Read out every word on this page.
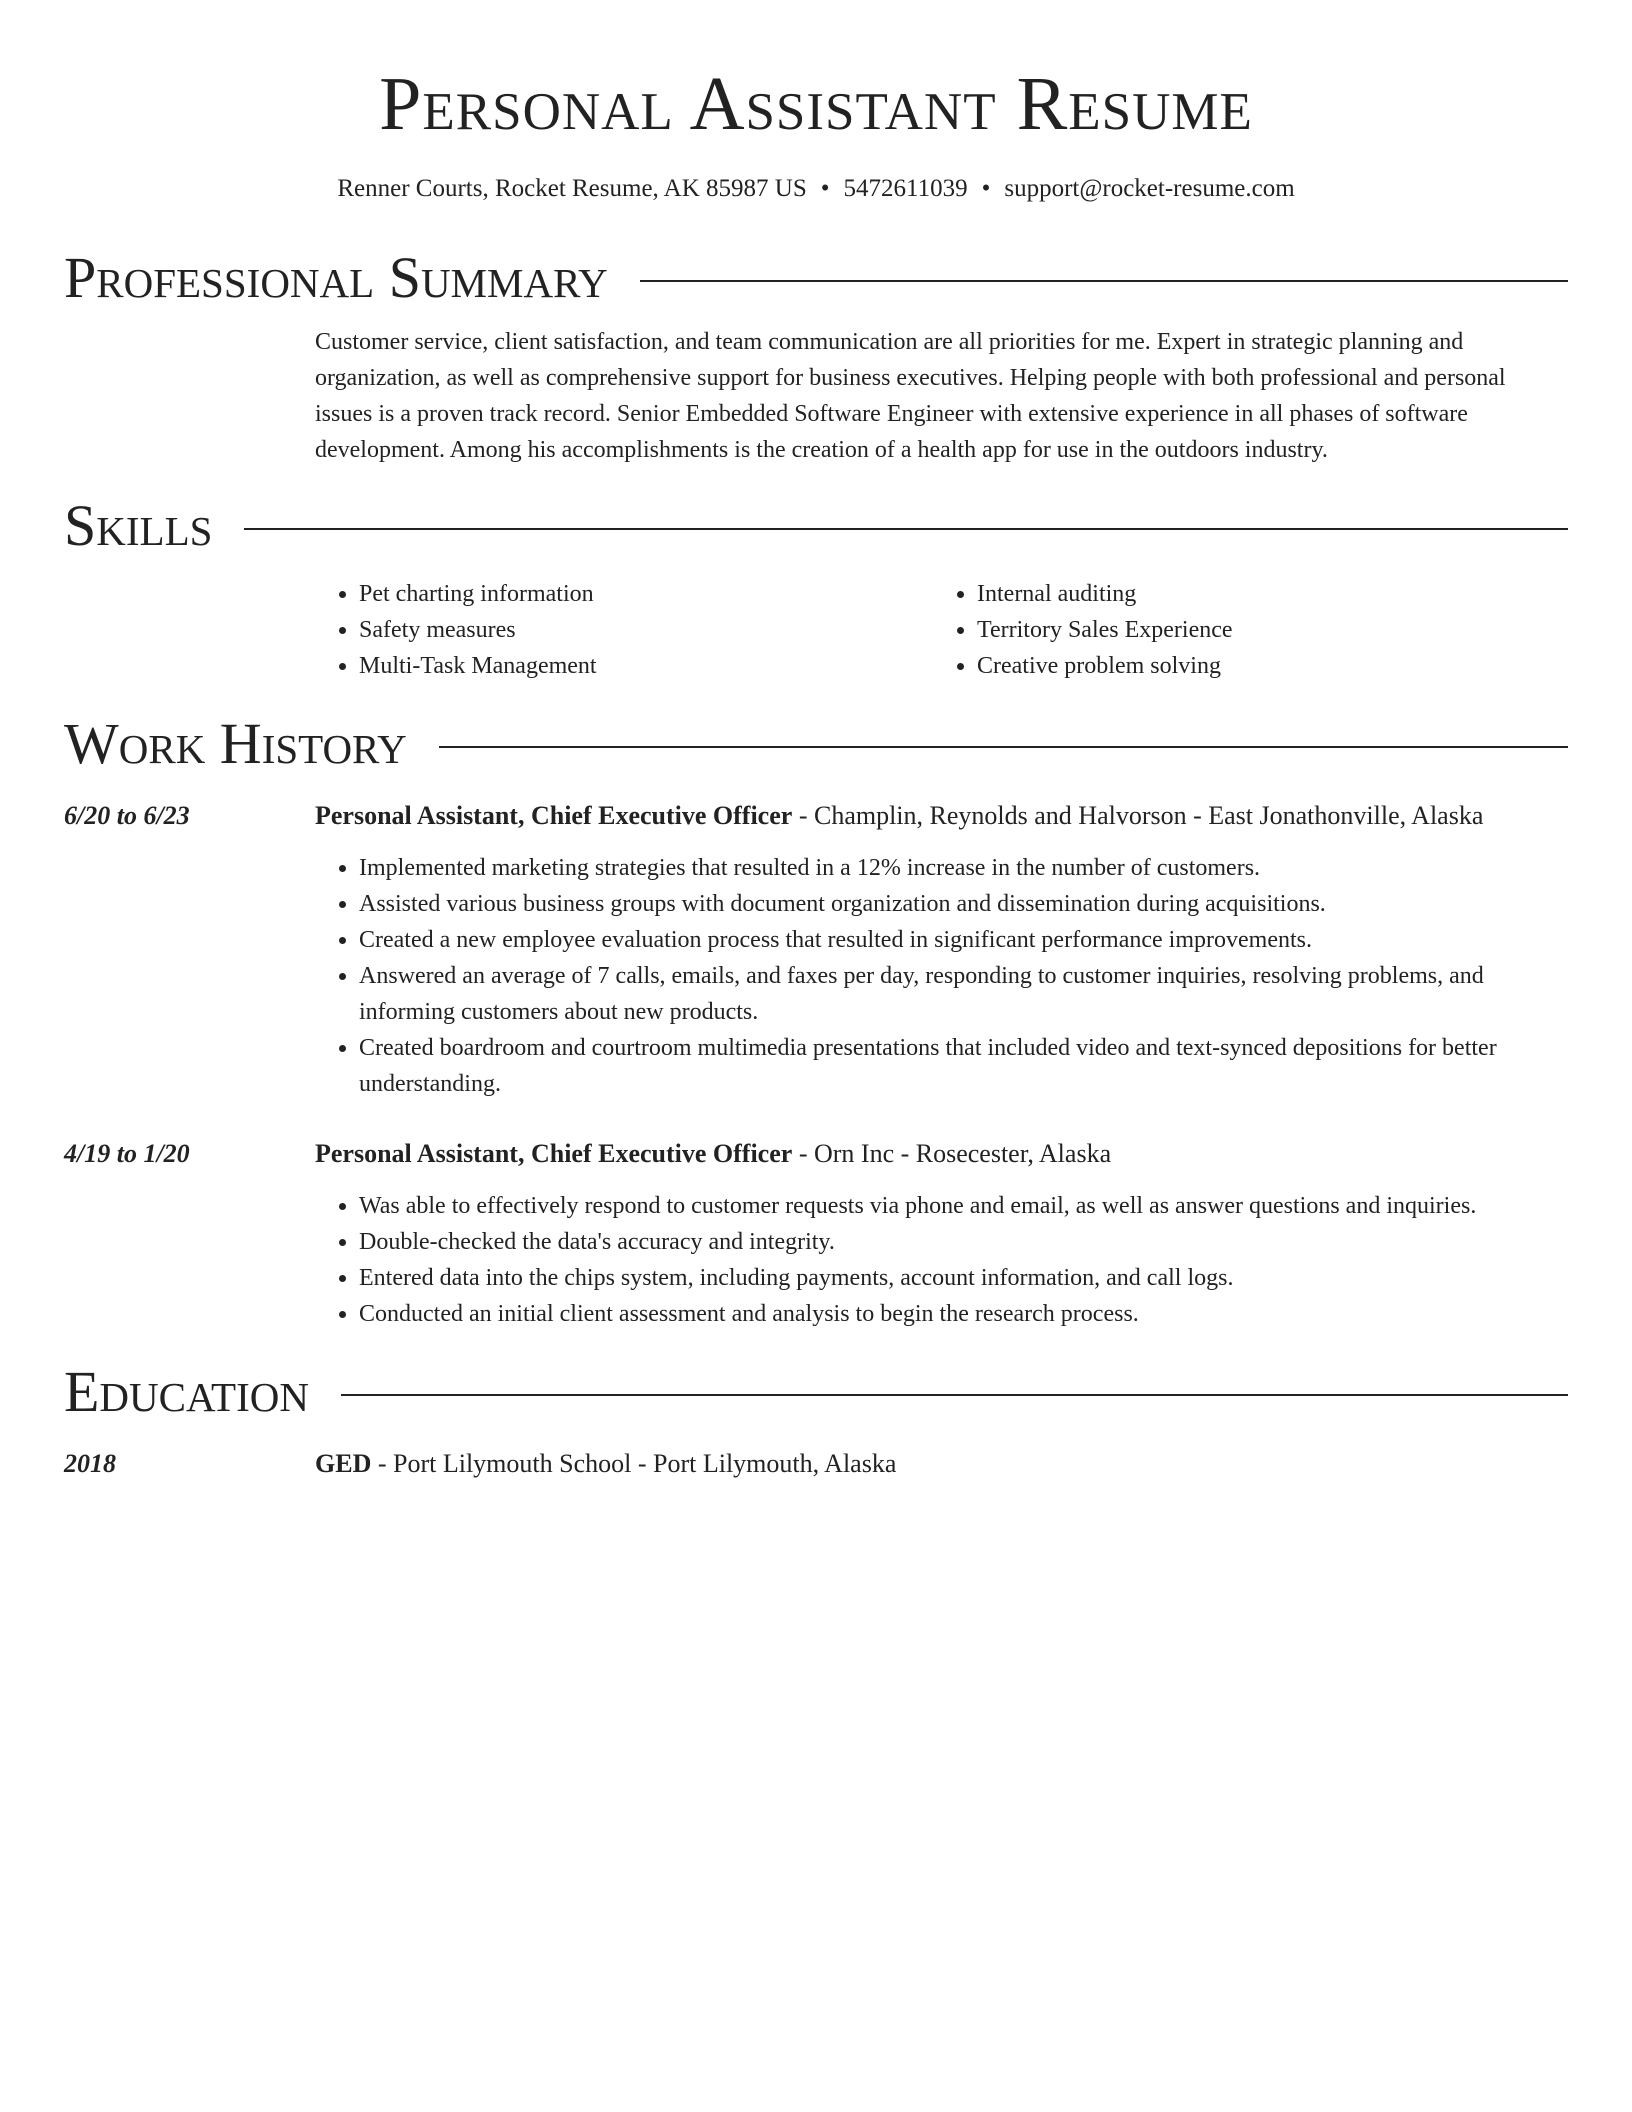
Personal Assistant Resume
Renner Courts, Rocket Resume, AK 85987 US • 5472611039 • support@rocket-resume.com
Professional Summary

Customer service, client satisfaction, and team communication are all priorities for me. Expert in strategic planning and organization, as well as comprehensive support for business executives. Helping people with both professional and personal issues is a proven track record. Senior Embedded Software Engineer with extensive experience in all phases of software development. Among his accomplishments is the creation of a health app for use in the outdoors industry.

Skills
• Pet charting information
• Safety measures
• Multi-Task Management
• Internal auditing
• Territory Sales Experience
• Creative problem solving
Work History
6/20 to 6/23	Personal Assistant, Chief Executive Officer - Champlin, Reynolds and Halvorson - East Jonathonville, Alaska
• Implemented marketing strategies that resulted in a 12% increase in the number of customers.
• Assisted various business groups with document organization and dissemination during acquisitions.
• Created a new employee evaluation process that resulted in significant performance improvements.
• Answered an average of 7 calls, emails, and faxes per day, responding to customer inquiries, resolving problems, and informing customers about new products.
• Created boardroom and courtroom multimedia presentations that included video and text-synced depositions for better understanding.
4/19 to 1/20	Personal Assistant, Chief Executive Officer - Orn Inc - Rosecester, Alaska
• Was able to effectively respond to customer requests via phone and email, as well as answer questions and inquiries.
• Double-checked the data's accuracy and integrity.
• Entered data into the chips system, including payments, account information, and call logs.
• Conducted an initial client assessment and analysis to begin the research process.
Education
2018	GED - Port Lilymouth School - Port Lilymouth, Alaska
